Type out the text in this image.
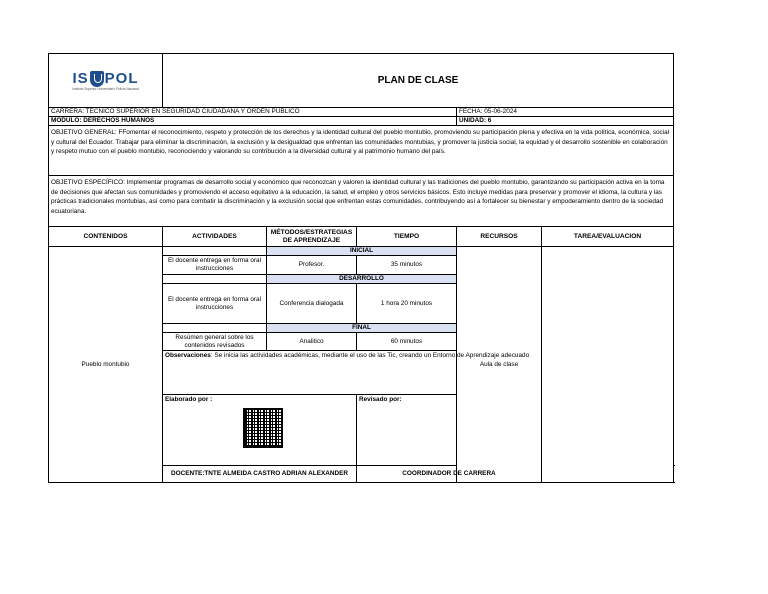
IS POL
Instituto Superior Universitario Policía Nacional	PLAN DE CLASE					
CARRERA: TECNICO SUPERIOR EN SEGURIDAD CIUDADANA Y ORDEN PUBLICO				FECHA: 05-06-2024		
MÓDULO: DERECHOS HUMANOS				UNIDAD: 6		
OBJETIVO GENERAL: FFomentar el reconocimiento, respeto y protección de los derechos y la identidad cultural del pueblo montubio, promoviendo su participación plena y efectiva en la vida política, económica, social y cultural del Ecuador. Trabajar para eliminar la discriminación, la exclusión y la desigualdad que enfrentan las comunidades montubias, y promover la justicia social, la equidad y el desarrollo sostenible en colaboración y respeto mutuo con el pueblo montubio, reconociendo y valorando su contribución a la diversidad cultural y al patrimonio humano del país.						
OBJETIVO ESPECÍFICO: Implementar programas de desarrollo social y económico que reconozcan y valoren la identidad cultural y las tradiciones del pueblo montubio, garantizando su participación activa en la toma de decisiones que afectan sus comunidades y promoviendo el acceso equitativo a la educación, la salud, el empleo y otros servicios básicos. Esto incluye medidas para preservar y promover el idioma, la cultura y las prácticas tradicionales montubias, así como para combatir la discriminación y la exclusión social que enfrentan estas comunidades, contribuyendo así a fortalecer su bienestar y empoderamiento dentro de la sociedad ecuatoriana.						
CONTENIDOS	ACTIVIDADES	MÉTODOS/ESTRATEGIAS DE APRENDIZAJE	TIEMPO	RECURSOS	TAREA/EVALUACION	
Pueblo montubio		INICIAL		Aula de clase		
	El docente entrega en forma oral instrucciones	Profesor.	35 minutos			
		DESARROLLO				
	El docente entrega en forma oral instrucciones	Conferencia dialogada	1 hora 20 minutos			
		FINAL				
	Resúmen general sobre los contenidos revisados	Analitico	60 minutos			
	Observaciones: Se inicia las actividades académicas, mediante el uso de las Tic, creando un Entorno de Aprendizaje adecuado					

	Elaborado por :		Revisado por:

	DOCENTE:TNTE ALMEIDA CASTRO ADRIAN ALEXANDER		COORDINADOR DE CARRERA	
